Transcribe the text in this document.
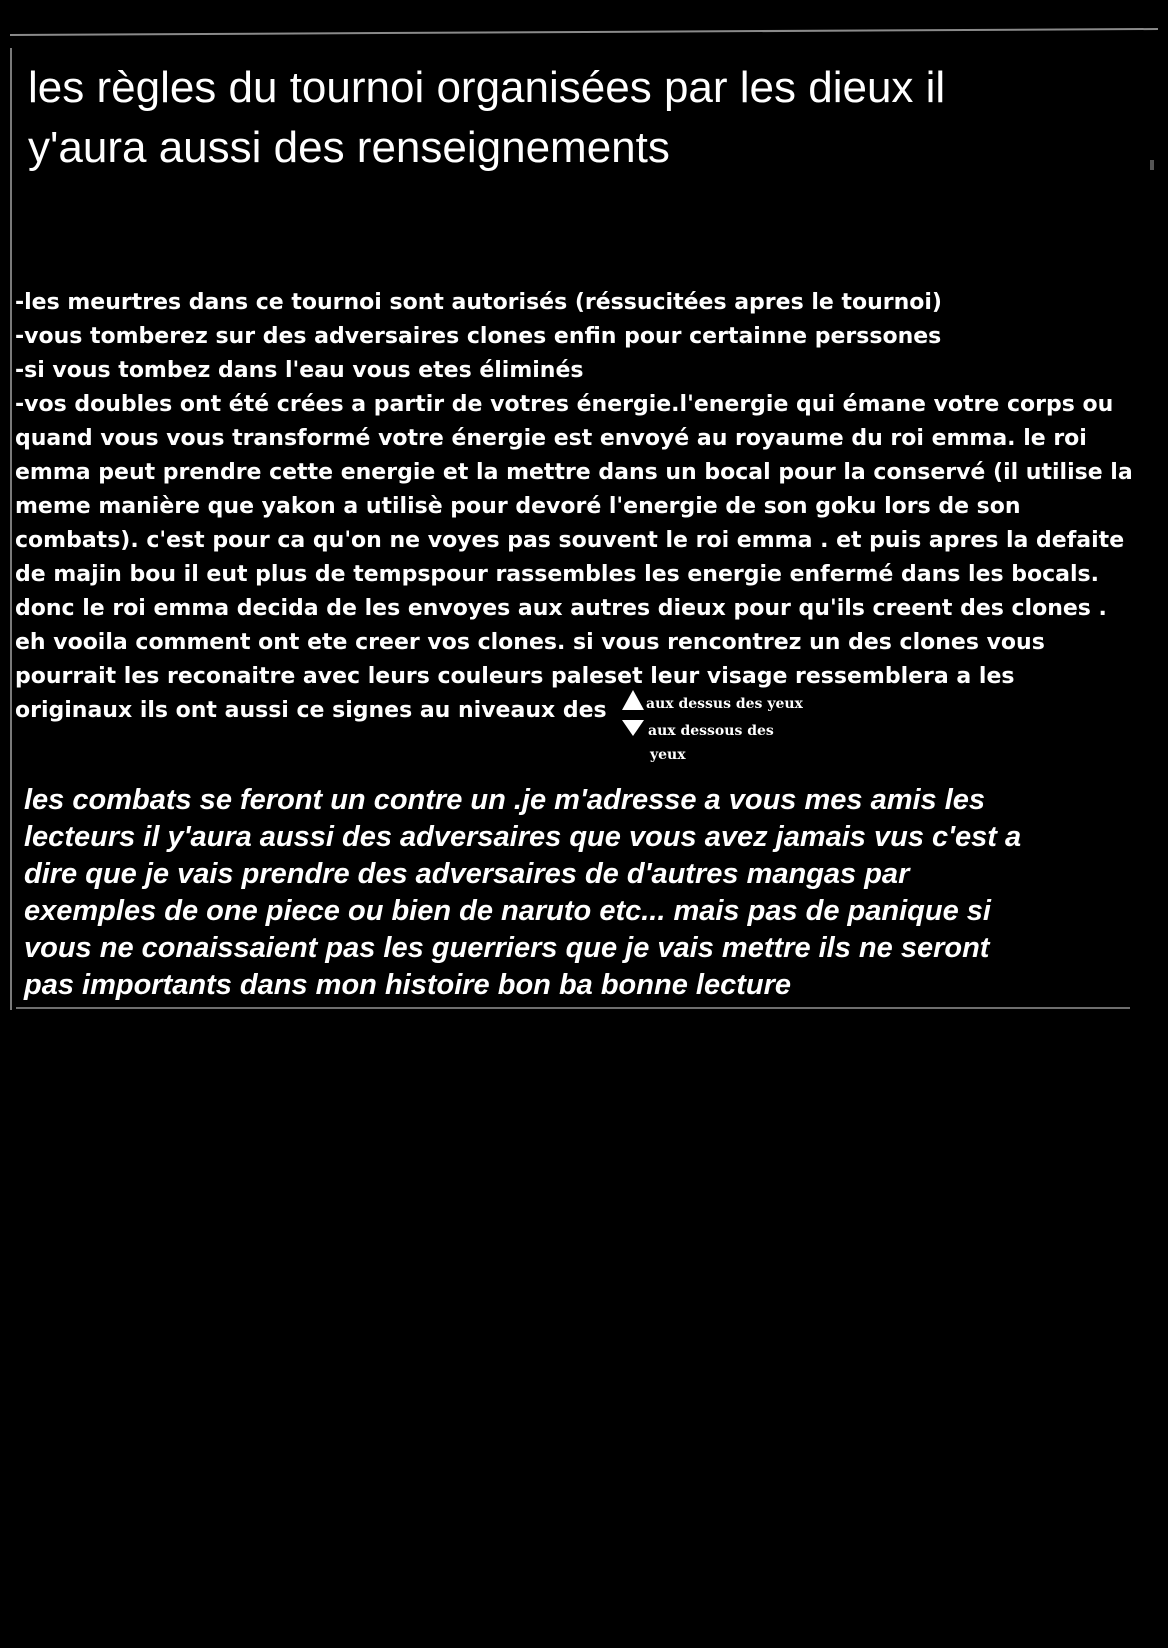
les règles du tournoi organisées par les dieux il
y'aura aussi des renseignements
-les meurtres dans ce tournoi sont autorisés (réssucitées apres le tournoi)
-vous tomberez sur des adversaires clones enfin pour certainne perssones
-si vous tombez dans l'eau vous etes éliminés
-vos doubles ont été crées a partir de votres énergie.l'energie qui émane votre corps ou
quand vous vous transformé votre énergie est envoyé au royaume du roi emma. le roi
emma peut prendre cette energie et la mettre dans un bocal pour la conservé (il utilise la
meme manière que yakon a utilisè pour devoré l'energie de son goku lors de son
combats). c'est pour ca qu'on ne voyes pas souvent le roi emma . et puis apres la defaite
de majin bou il eut plus de tempspour rassembles les energie enfermé dans les bocals.
donc le roi emma decida de les envoyes aux autres dieux pour qu'ils creent des clones .
eh vooila comment ont ete creer vos clones. si vous rencontrez un des clones vous
pourrait les reconaitre avec leurs couleurs paleset leur visage ressemblera a les
originaux ils ont aussi ce signes au niveaux des	aux dessus des yeux
aux dessous des
yeux
les combats se feront un contre un .je m'adresse a vous mes amis les
lecteurs il y'aura aussi des adversaires que vous avez jamais vus c'est a
dire que je vais prendre des adversaires de d'autres mangas par
exemples de one piece ou bien de naruto etc... mais pas de panique si
vous ne conaissaient pas les guerriers que je vais mettre ils ne seront
pas importants dans mon histoire bon ba bonne lecture
